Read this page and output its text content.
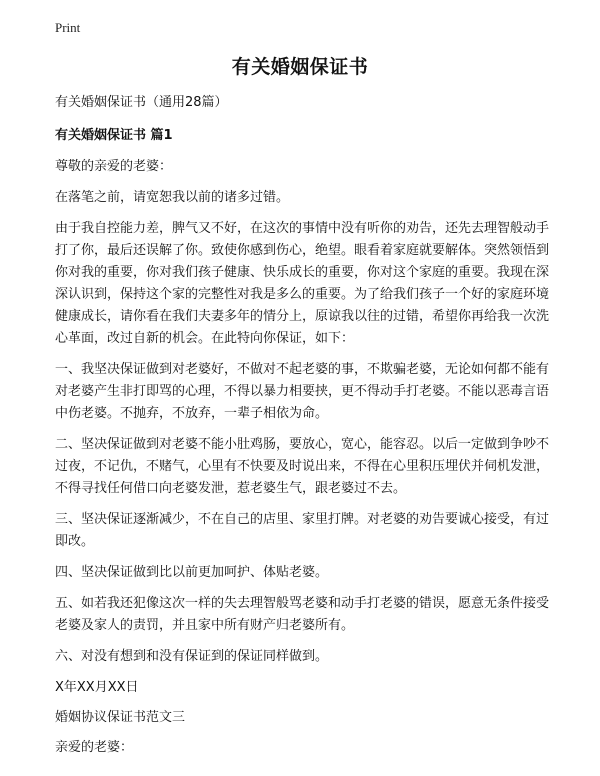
Print
有关婚姻保证书

有关婚姻保证书（通用28篇）

有关婚姻保证书 篇1

尊敬的亲爱的老婆：

在落笔之前，请宽恕我以前的诸多过错。

由于我自控能力差，脾气又不好，在这次的事情中没有听你的劝告，还先去理智般动手打了你，最后还误解了你。致使你感到伤心，绝望。眼看着家庭就要解体。突然领悟到你对我的重要，你对我们孩子健康、快乐成长的重要，你对这个家庭的重要。我现在深深认识到，保持这个家的完整性对我是多么的重要。为了给我们孩子一个好的家庭环境健康成长，请你看在我们夫妻多年的情分上，原谅我以往的过错，希望你再给我一次洗心革面，改过自新的机会。在此特向你保证，如下：

一、我坚决保证做到对老婆好，不做对不起老婆的事，不欺骗老婆，无论如何都不能有对老婆产生非打即骂的心理，不得以暴力相要挟，更不得动手打老婆。不能以恶毒言语中伤老婆。不抛弃，不放弃，一辈子相依为命。

二、坚决保证做到对老婆不能小肚鸡肠，要放心，宽心，能容忍。以后一定做到争吵不过夜，不记仇，不赌气，心里有不快要及时说出来，不得在心里积压埋伏并伺机发泄，不得寻找任何借口向老婆发泄，惹老婆生气，跟老婆过不去。

三、坚决保证逐渐减少，不在自己的店里、家里打牌。对老婆的劝告要诚心接受，有过即改。

四、坚决保证做到比以前更加呵护、体贴老婆。

五、如若我还犯像这次一样的失去理智般骂老婆和动手打老婆的错误，愿意无条件接受老婆及家人的责罚，并且家中所有财产归老婆所有。

六、对没有想到和没有保证到的保证同样做到。

X年XX月XX日

婚姻协议保证书范文三

亲爱的老婆：
